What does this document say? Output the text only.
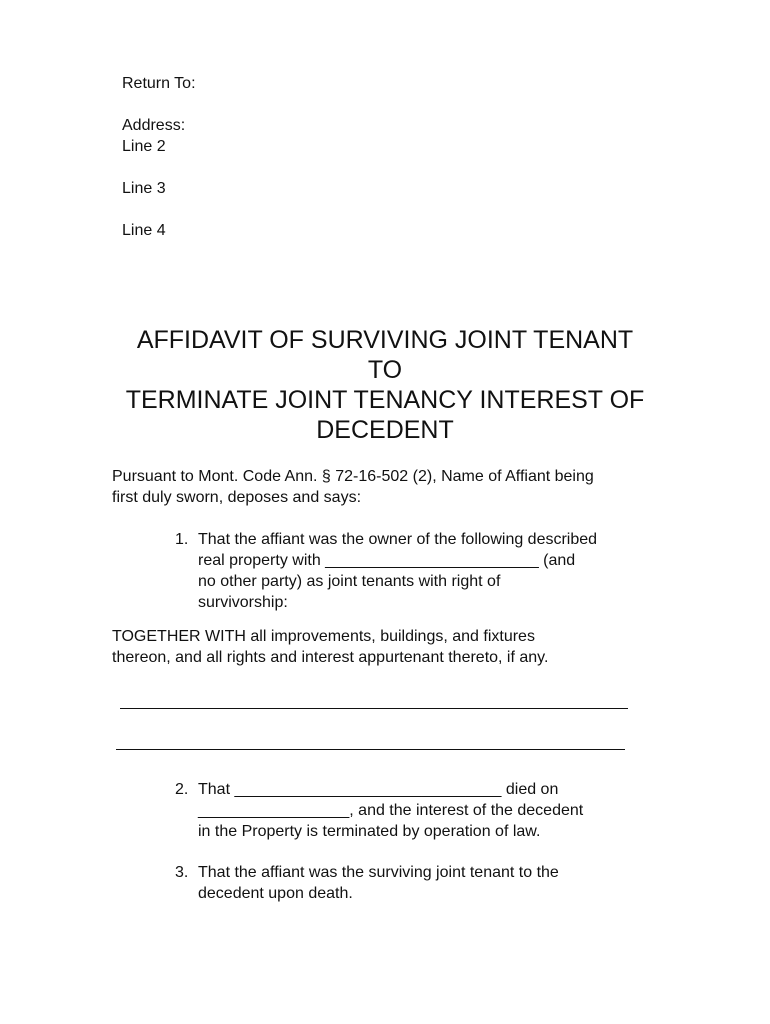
Return To:
Address:
Line 2
Line 3
Line 4
AFFIDAVIT OF SURVIVING JOINT TENANT
TO
TERMINATE JOINT TENANCY INTEREST OF
DECEDENT
Pursuant to Mont. Code Ann. § 72-16-502 (2), Name of Affiant being
first duly sworn, deposes and says:
1. That the affiant was the owner of the following described
real property with ________________________ (and
no other party) as joint tenants with right of
survivorship:
TOGETHER WITH all improvements, buildings, and fixtures
thereon, and all rights and interest appurtenant thereto, if any.
2. That ______________________________ died on
_________________, and the interest of the decedent
in the Property is terminated by operation of law.
3. That the affiant was the surviving joint tenant to the
decedent upon death.
